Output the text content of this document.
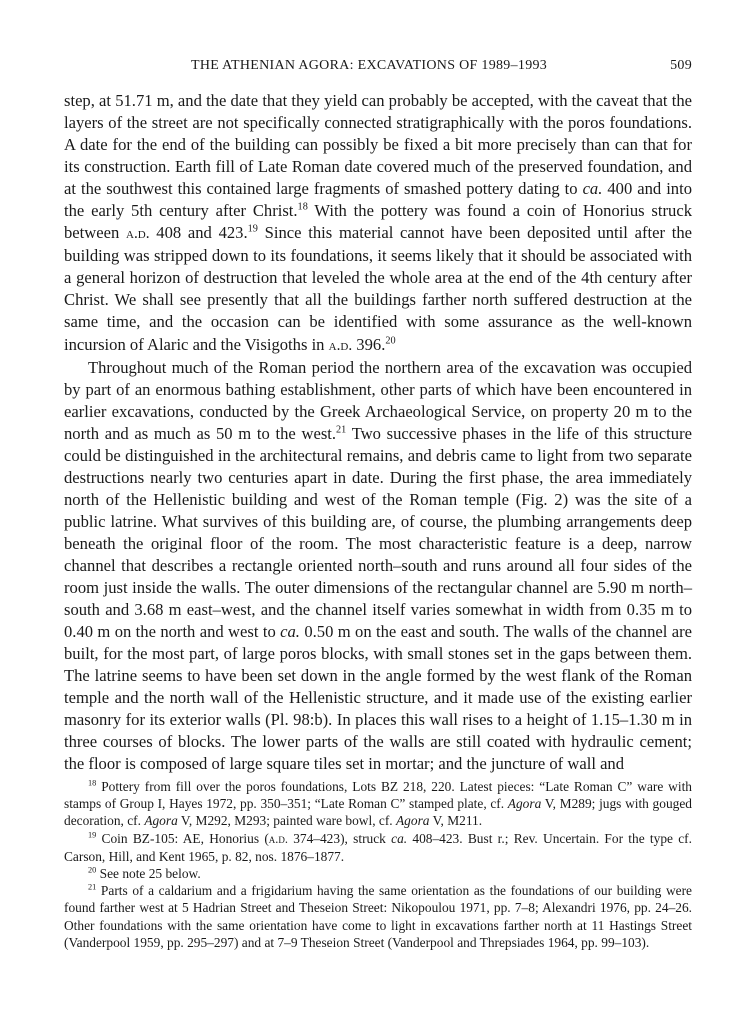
THE ATHENIAN AGORA: EXCAVATIONS OF 1989–1993	509

step, at 51.71 m, and the date that they yield can probably be accepted, with the caveat that the layers of the street are not specifically connected stratigraphically with the poros foundations. A date for the end of the building can possibly be fixed a bit more precisely than can that for its construction. Earth fill of Late Roman date covered much of the preserved foundation, and at the southwest this contained large fragments of smashed pottery dating to ca. 400 and into the early 5th century after Christ.$^{18}$ With the pottery was found a coin of Honorius struck between a.d. 408 and 423.19 Since this material cannot have been deposited until after the building was stripped down to its foundations, it seems likely that it should be associated with a general horizon of destruction that leveled the whole area at the end of the 4th century after Christ. We shall see presently that all the buildings farther north suffered destruction at the same time, and the occasion can be identified with some assurance as the well-known incursion of Alaric and the Visigoths in a.d. 396.20

Throughout much of the Roman period the northern area of the excavation was occupied by part of an enormous bathing establishment, other parts of which have been encountered in earlier excavations, conducted by the Greek Archaeological Service, on property 20 m to the north and as much as 50 m to the west.$^{21}$ Two successive phases in the life of this structure could be distinguished in the architectural remains, and debris came to light from two separate destructions nearly two centuries apart in date. During the first phase, the area immediately north of the Hellenistic building and west of the Roman temple (Fig. 2) was the site of a public latrine. What survives of this building are, of course, the plumbing arrangements deep beneath the original floor of the room. The most characteristic feature is a deep, narrow channel that describes a rectangle oriented north–south and runs around all four sides of the room just inside the walls. The outer dimensions of the rectangular channel are 5.90 m north–south and 3.68 m east–west, and the channel itself varies somewhat in width from 0.35 m to 0.40 m on the north and west to ca. 0.50 m on the east and south. The walls of the channel are built, for the most part, of large poros blocks, with small stones set in the gaps between them. The latrine seems to have been set down in the angle formed by the west flank of the Roman temple and the north wall of the Hellenistic structure, and it made use of the existing earlier masonry for its exterior walls (Pl. 98:b). In places this wall rises to a height of 1.15–1.30 m in three courses of blocks. The lower parts of the walls are still coated with hydraulic cement; the floor is composed of large square tiles set in mortar; and the juncture of wall and

$^{18}$ Pottery from fill over the poros foundations, Lots BZ 218, 220. Latest pieces: “Late Roman C” ware with stamps of Group I, Hayes 1972, pp. 350–351; “Late Roman C” stamped plate, cf. Agora V, M289; jugs with gouged decoration, cf. Agora V, M292, M293; painted ware bowl, cf. Agora V, M211.

$^{19}$ Coin BZ-105: AE, Honorius (a.d. 374–423), struck ca. 408–423. Bust r.; Rev. Uncertain. For the type cf. Carson, Hill, and Kent 1965, p. 82, nos. 1876–1877.

$^{20}$ See note 25 below.

$^{21}$ Parts of a caldarium and a frigidarium having the same orientation as the foundations of our building were found farther west at 5 Hadrian Street and Theseion Street: Nikopoulou 1971, pp. 7–8; Alexandri 1976, pp. 24–26. Other foundations with the same orientation have come to light in excavations farther north at 11 Hastings Street (Vanderpool 1959, pp. 295–297) and at 7–9 Theseion Street (Vanderpool and Threpsiades 1964, pp. 99–103).
